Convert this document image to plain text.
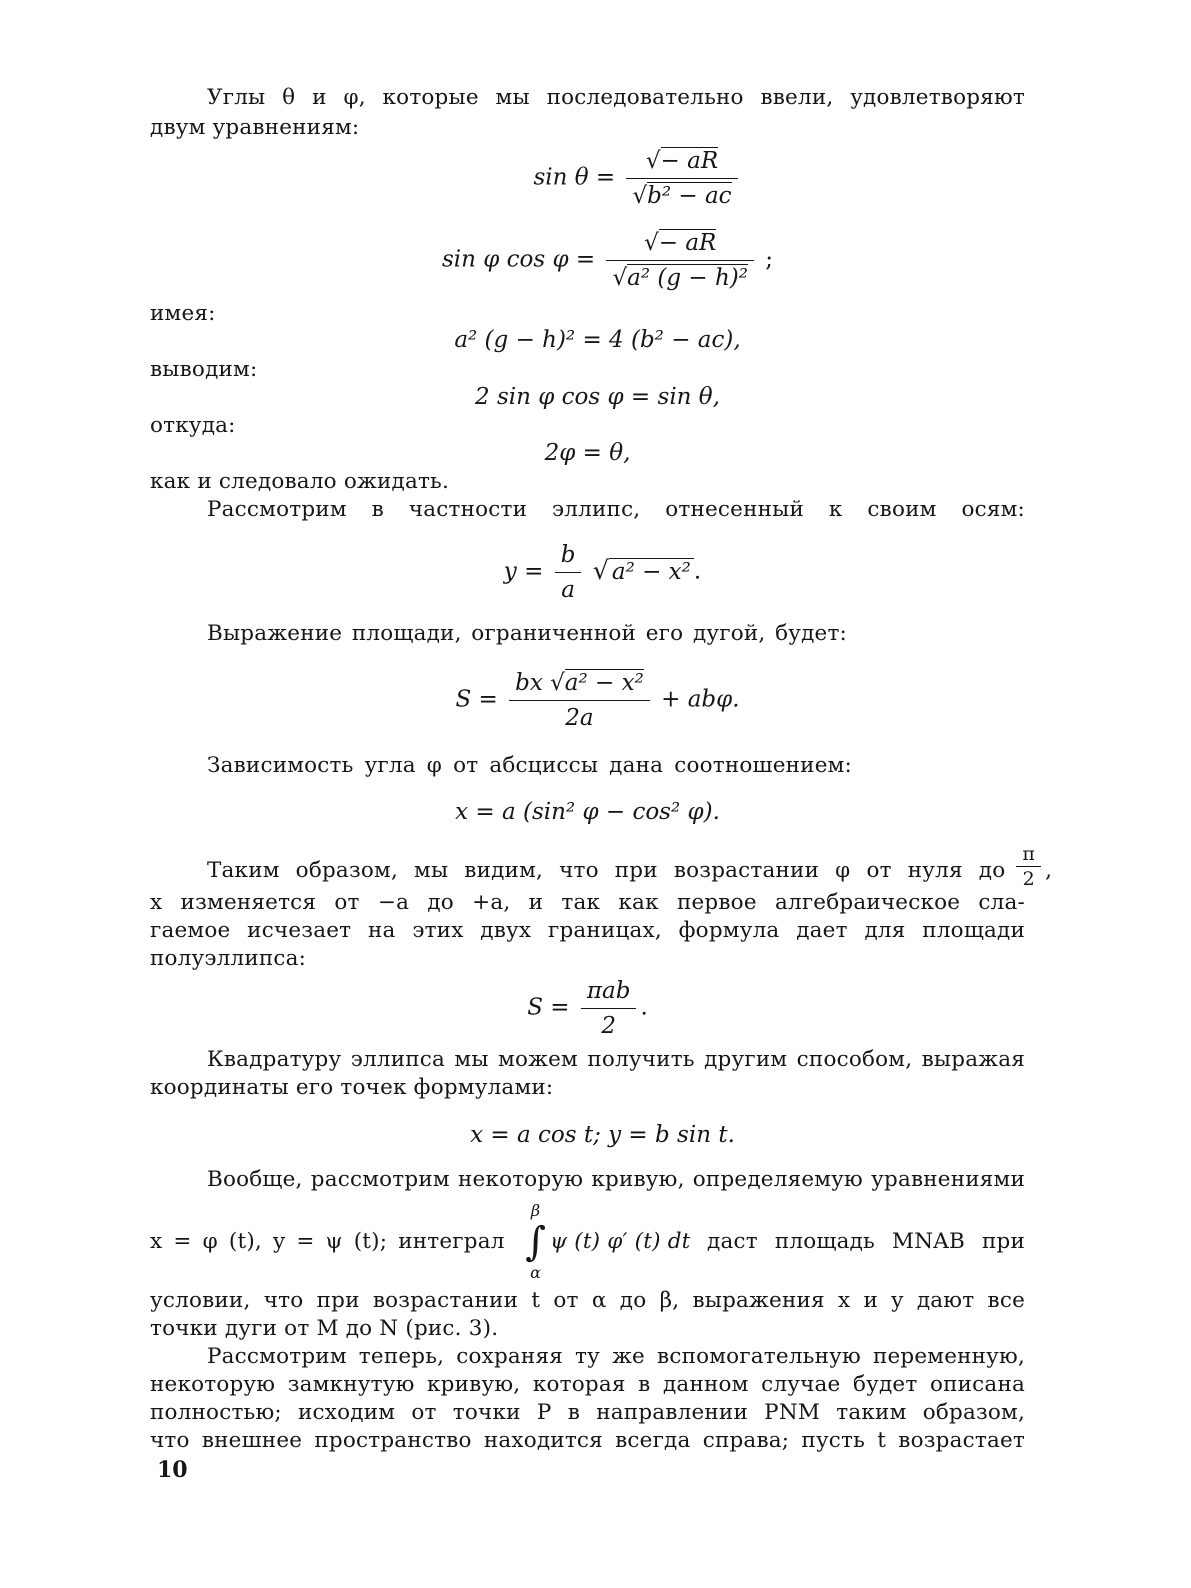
Углы θ и φ, которые мы последовательно ввели, удовлетворяют
двум уравнениям:
$\sin \theta = \frac{√- aR}{\text{√b² − ac}}$
sin φ $\cos \varphi = \frac{√- aR}{\text{√a² (g − h)²}}$ ;
имея:
a² (g − h)² = 4 (b² − ac),
выводим:
2 sin φ cos φ = sin θ,
откуда:
2φ = θ,
как и следовало ожидать.
Рассмотрим в частности эллипс, отнесенный к своим осям:
$y = \frac{b}{a}$ √ a² − x² .
Выражение площади, ограниченной его дугой, будет:
$S = \frac{\text{bx √a² − x²}}{2a} + ab\varphi$.
Зависимость угла φ от абсциссы дана соотношением:
x = a (sin² φ − cos² φ).
Таким образом, мы видим, что при возрастании φ от нуля до $\frac{\pi}{2}$ ,
x изменяется от −a до +a, и так как первое алгебраическое сла-
гаемое исчезает на этих двух границах, формула дает для площади
полуэллипса:
$S = \frac{\text{πab}}{2}$ .
Квадратуру эллипса мы можем получить другим способом, выражая
координаты его точек формулами:
x = a cos t; y = b sin t.
Вообще, рассмотрим некоторую кривую, определяемую уравнениями
x = φ (t), y = ψ (t); интеграл
β
∫
α
ψ (t) φ′ (t) dt даст площадь MNAB при
условии, что при возрастании t от α до β, выражения x и y дают все
точки дуги от M до N (рис. 3).
Рассмотрим теперь, сохраняя ту же вспомогательную переменную,
некоторую замкнутую кривую, которая в данном случае будет описана
полностью; исходим от точки P в направлении PNM таким образом,
что внешнее пространство находится всегда справа; пусть t возрастает
10
